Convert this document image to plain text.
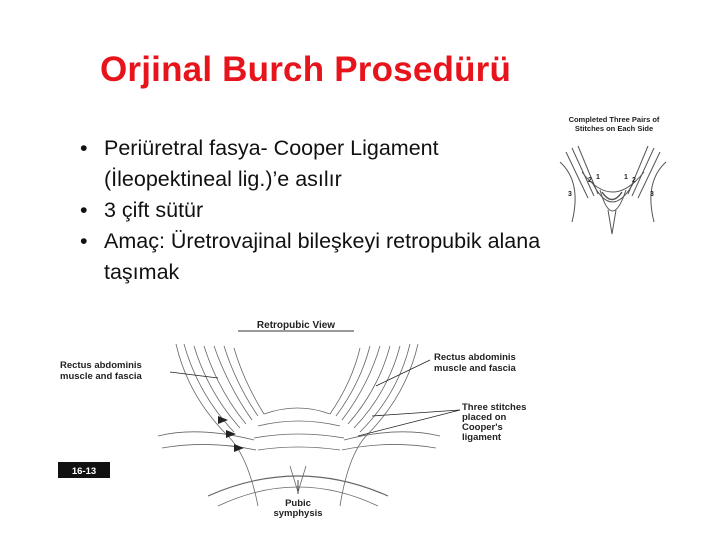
Orjinal Burch Prosedürü
• Periüretral fasya- Cooper Ligament
(İleopektineal lig.)’e asılır
• 3 çift sütür
• Amaç: Üretrovajinal bileşkeyi retropubik alana
taşımak
Completed Three Pairs of
Stitches on Each Side
1
2
3
1 2
3
Retropubic View
Rectus abdominis
muscle and fascia
Rectus abdominis
muscle and fascia
Three stitches
placed on
Cooper's
ligament
Pubic
symphysis
16-13
